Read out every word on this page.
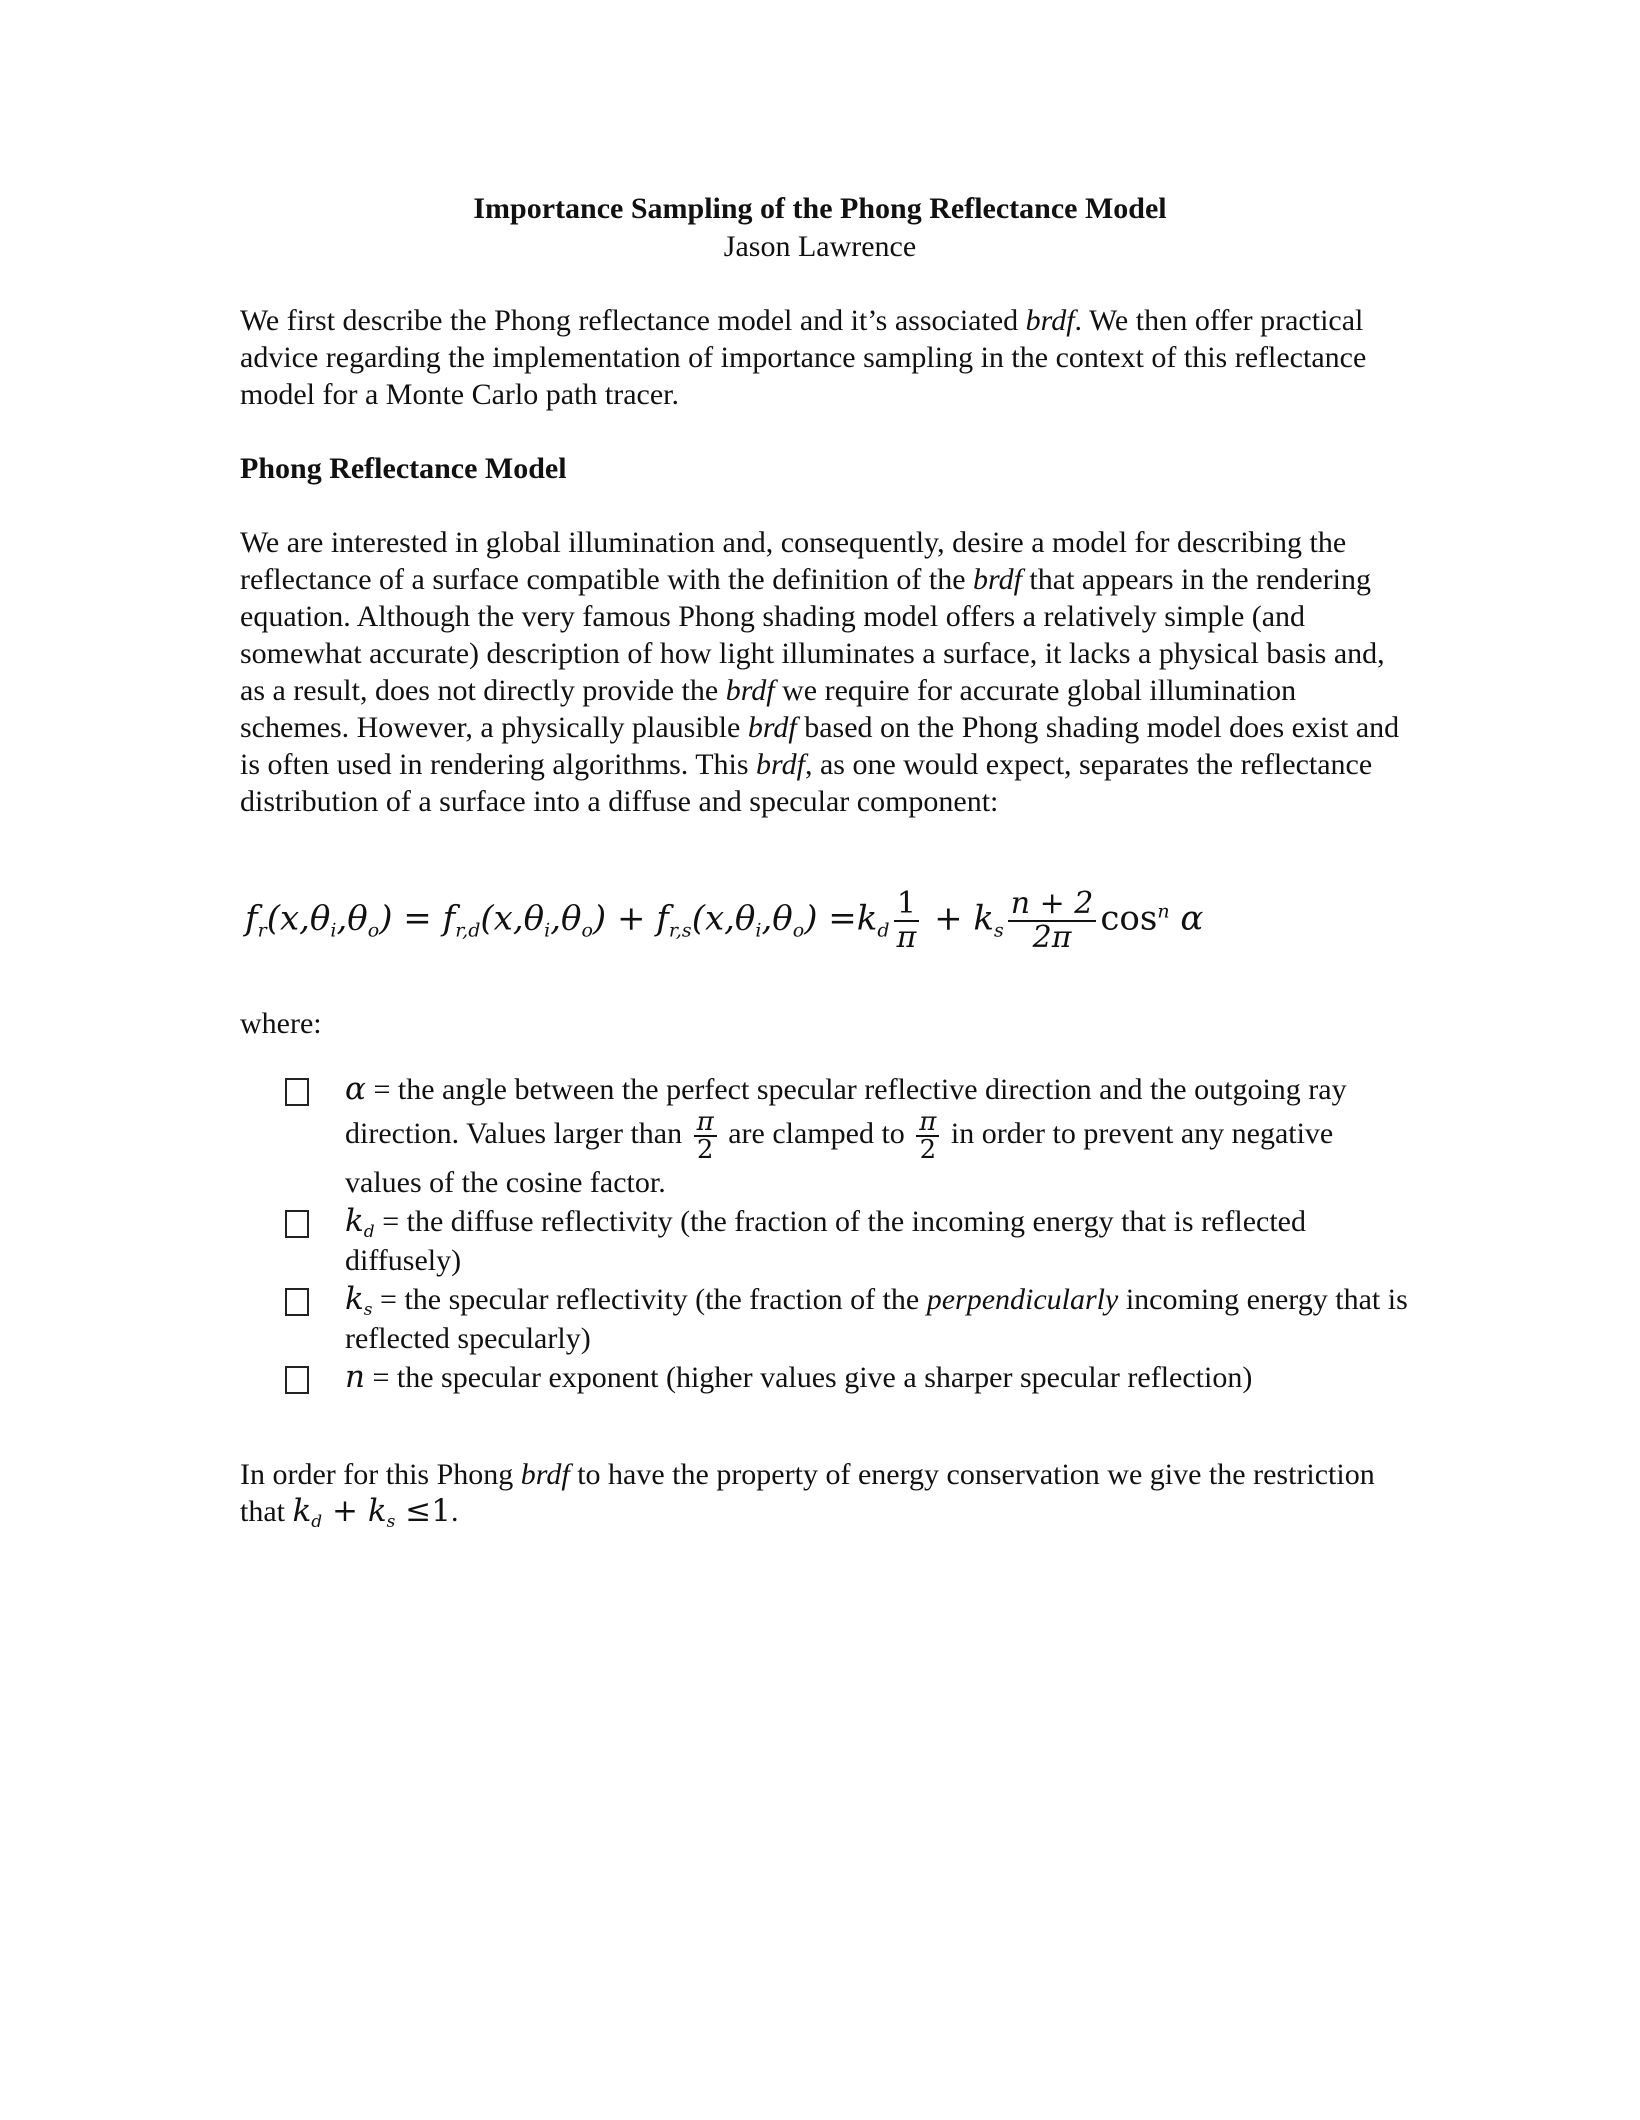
Importance Sampling of the Phong Reflectance Model
Jason Lawrence
We first describe the Phong reflectance model and it’s associated brdf. We then offer practical advice regarding the implementation of importance sampling in the context of this reflectance model for a Monte Carlo path tracer.
Phong Reflectance Model
We are interested in global illumination and, consequently, desire a model for describing the reflectance of a surface compatible with the definition of the brdf that appears in the rendering equation. Although the very famous Phong shading model offers a relatively simple (and somewhat accurate) description of how light illuminates a surface, it lacks a physical basis and, as a result, does not directly provide the brdf we require for accurate global illumination schemes. However, a physically plausible brdf based on the Phong shading model does exist and is often used in rendering algorithms. This brdf, as one would expect, separates the reflectance distribution of a surface into a diffuse and specular component:
$f_r(x,\theta_i,\theta_o) = f_{r,d}(x,\theta_i,\theta_o) + f_{r,s}(x,\theta_i,\theta_o) =k_d \frac{1}{\pi} + k_s \frac{n + 2}{2\pi} \cos^n \alpha$
where:
α = the angle between the perfect specular reflective direction and the outgoing ray direction. Values larger than $\frac{\pi}{2}$ are clamped to $\frac{\pi}{2}$ in order to prevent any negative values of the cosine factor.
$k_d$ = the diffuse reflectivity (the fraction of the incoming energy that is reflected diffusely)
$k_s$ = the specular reflectivity (the fraction of the perpendicularly incoming energy that is reflected specularly)
n = the specular exponent (higher values give a sharper specular reflection)
In order for this Phong brdf to have the property of energy conservation we give the restriction that $k_d + k_s \le 1$.
